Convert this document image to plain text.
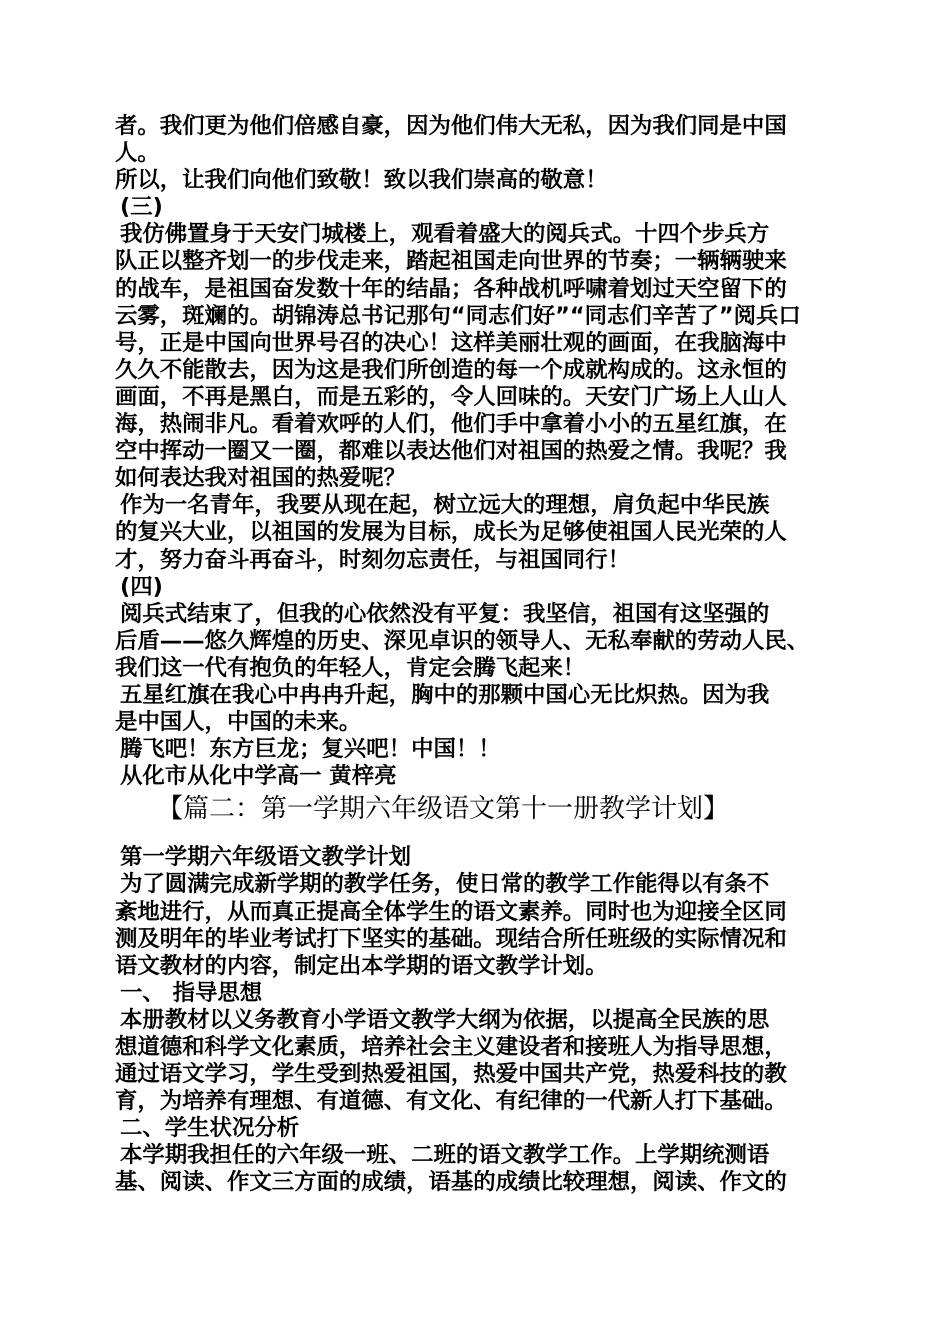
者。我们更为他们倍感自豪，因为他们伟大无私，因为我们同是中国
人。
所以，让我们向他们致敬！致以我们崇高的敬意！
(三)
我仿佛置身于天安门城楼上，观看着盛大的阅兵式。十四个步兵方
队正以整齐划一的步伐走来，踏起祖国走向世界的节奏；一辆辆驶来
的战车，是祖国奋发数十年的结晶；各种战机呼啸着划过天空留下的
云雾，斑斓的。胡锦涛总书记那句“同志们好”“同志们辛苦了”阅兵口
号，正是中国向世界号召的决心！这样美丽壮观的画面，在我脑海中
久久不能散去，因为这是我们所创造的每一个成就构成的。这永恒的
画面，不再是黑白，而是五彩的，令人回味的。天安门广场上人山人
海，热闹非凡。看着欢呼的人们，他们手中拿着小小的五星红旗，在
空中挥动一圈又一圈，都难以表达他们对祖国的热爱之情。我呢？我
如何表达我对祖国的热爱呢？
作为一名青年，我要从现在起，树立远大的理想，肩负起中华民族
的复兴大业，以祖国的发展为目标，成长为足够使祖国人民光荣的人
才，努力奋斗再奋斗，时刻勿忘责任，与祖国同行！
(四)
阅兵式结束了，但我的心依然没有平复：我坚信，祖国有这坚强的
后盾——悠久辉煌的历史、深见卓识的领导人、无私奉献的劳动人民、
我们这一代有抱负的年轻人，肯定会腾飞起来！
五星红旗在我心中冉冉升起，胸中的那颗中国心无比炽热。因为我
是中国人，中国的未来。
腾飞吧！东方巨龙；复兴吧！中国！！
从化市从化中学高一 黄梓亮
【篇二：第一学期六年级语文第十一册教学计划】
第一学期六年级语文教学计划
为了圆满完成新学期的教学任务，使日常的教学工作能得以有条不
紊地进行，从而真正提高全体学生的语文素养。同时也为迎接全区同
测及明年的毕业考试打下坚实的基础。现结合所任班级的实际情况和
语文教材的内容，制定出本学期的语文教学计划。
一、 指导思想
本册教材以义务教育小学语文教学大纲为依据，以提高全民族的思
想道德和科学文化素质，培养社会主义建设者和接班人为指导思想，
通过语文学习，学生受到热爱祖国，热爱中国共产党，热爱科技的教
育，为培养有理想、有道德、有文化、有纪律的一代新人打下基础。
二、学生状况分析
本学期我担任的六年级一班、二班的语文教学工作。上学期统测语
基、阅读、作文三方面的成绩，语基的成绩比较理想，阅读、作文的
